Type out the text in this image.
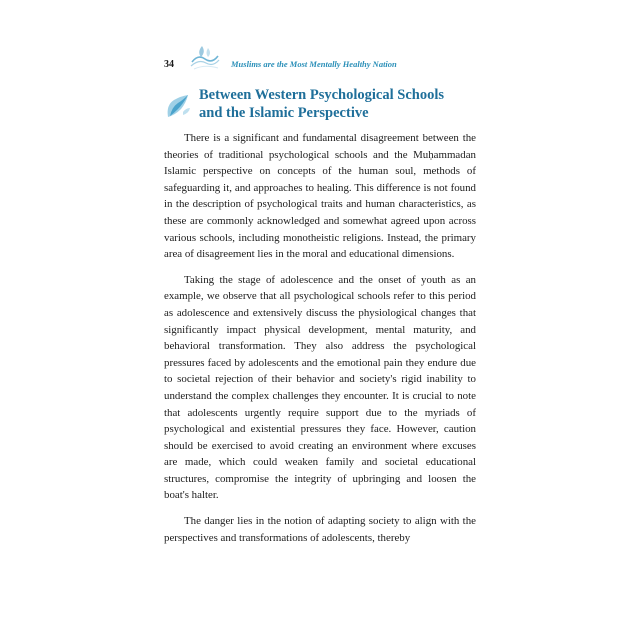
34	Muslims are the Most Mentally Healthy Nation
Between Western Psychological Schools
and the Islamic Perspective

There is a significant and fundamental disagreement between the theories of traditional psychological schools and the Muḥammadan Islamic perspective on concepts of the human soul, methods of safeguarding it, and approaches to healing. This difference is not found in the description of psychological traits and human characteristics, as these are commonly acknowledged and somewhat agreed upon across various schools, including monotheistic religions. Instead, the primary area of disagreement lies in the moral and educational dimensions.

Taking the stage of adolescence and the onset of youth as an example, we observe that all psychological schools refer to this period as adolescence and extensively discuss the physiological changes that significantly impact physical development, mental maturity, and behavioral transformation. They also address the psychological pressures faced by adolescents and the emotional pain they endure due to societal rejection of their behavior and society's rigid inability to understand the complex challenges they encounter. It is crucial to note that adolescents urgently require support due to the myriads of psychological and existential pressures they face. However, caution should be exercised to avoid creating an environment where excuses are made, which could weaken family and societal educational structures, compromise the integrity of upbringing and loosen the boat's halter.

The danger lies in the notion of adapting society to align with the perspectives and transformations of adolescents, thereby
